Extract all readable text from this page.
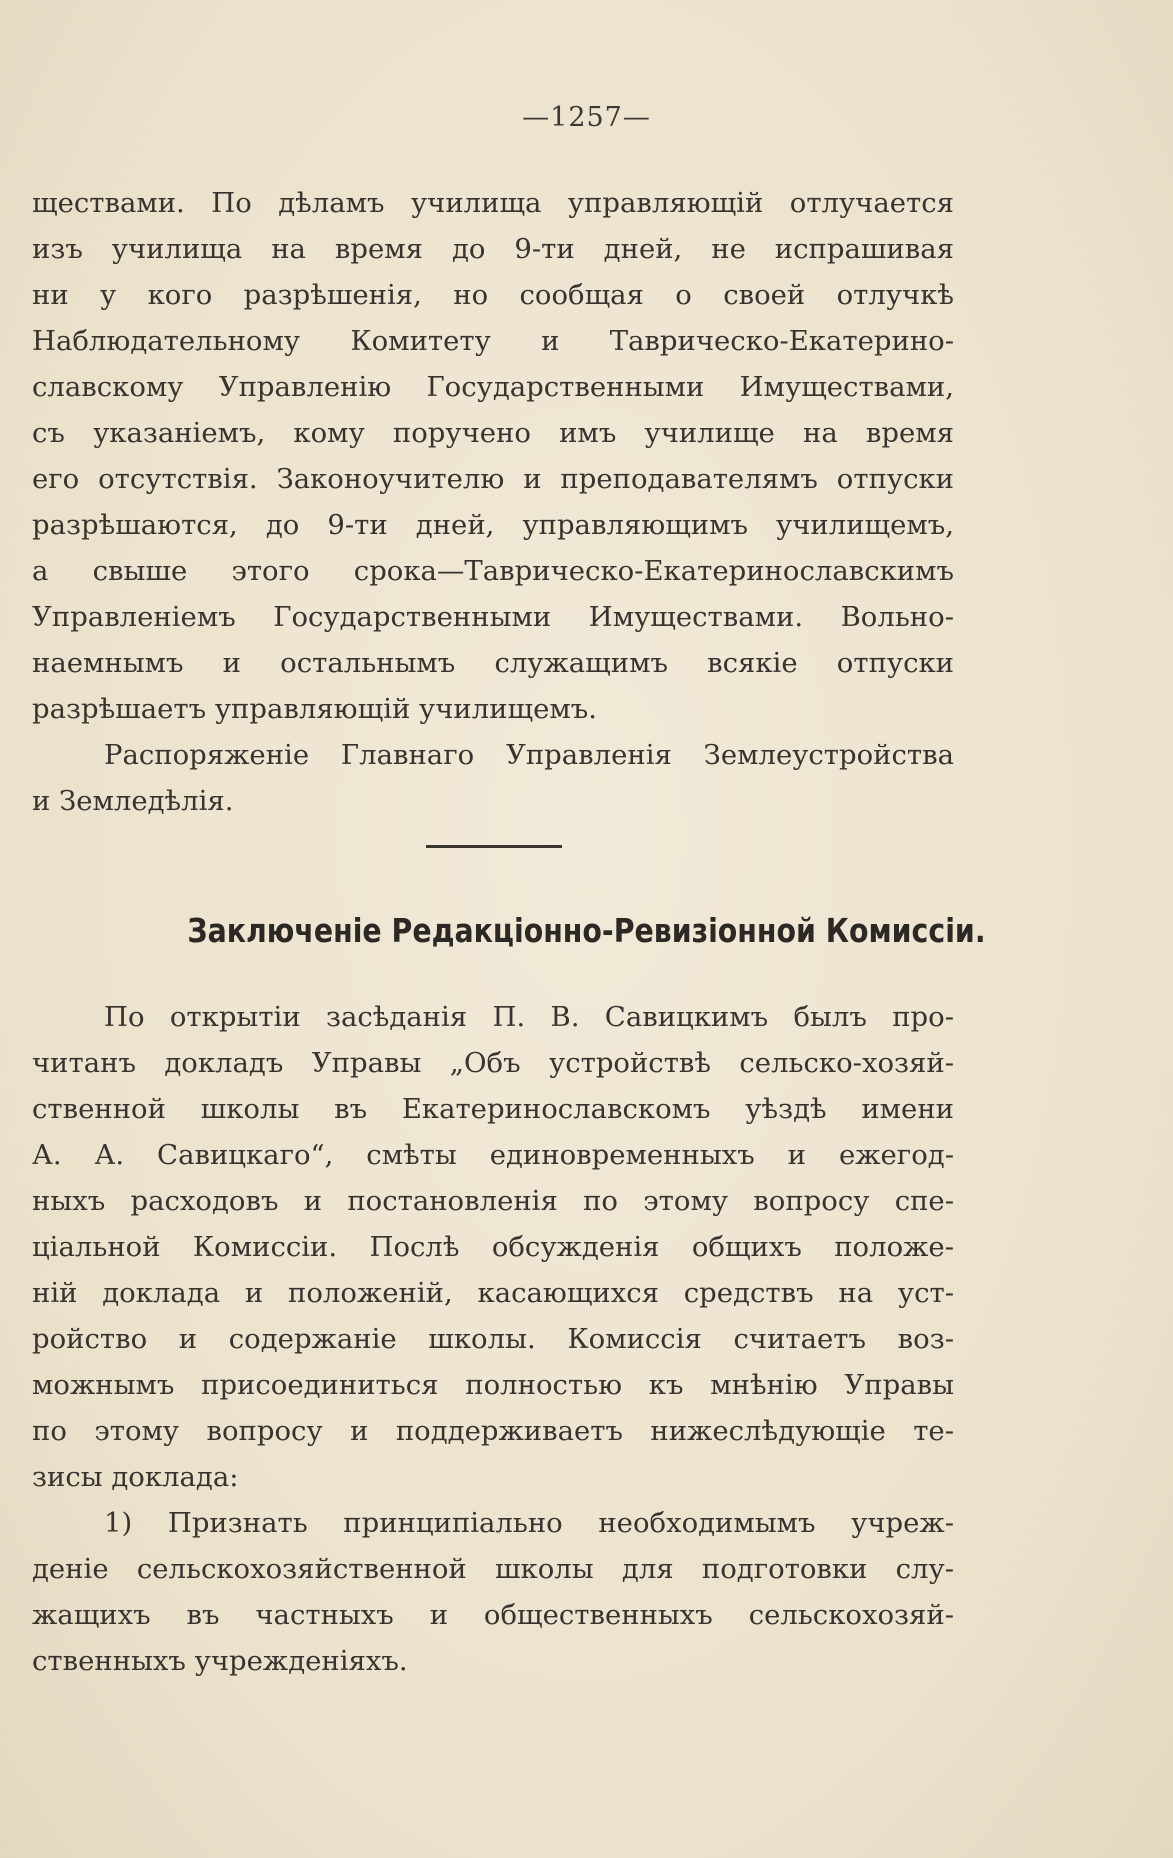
—1257—
ществами. По дѣламъ училища управляющій отлучается
изъ училища на время до 9-ти дней, не испрашивая
ни у кого разрѣшенія, но сообщая о своей отлучкѣ
Наблюдательному Комитету и Таврическо-Екатерино-
славскому Управленію Государственными Имуществами,
съ указаніемъ, кому поручено имъ училище на время
его отсутствія. Законоучителю и преподавателямъ отпуски
разрѣшаются, до 9-ти дней, управляющимъ училищемъ,
а свыше этого срока—Таврическо-Екатеринославскимъ
Управленіемъ Государственными Имуществами. Вольно-
наемнымъ и остальнымъ служащимъ всякіе отпуски
разрѣшаетъ управляющій училищемъ.
Распоряженіе Главнаго Управленія Землеустройства
и Земледѣлія.
Заключеніе Редакціонно-Ревизіонной Комиссіи.
По открытіи засѣданія П. В. Савицкимъ былъ про-
читанъ докладъ Управы „Объ устройствѣ сельско-хозяй-
ственной школы въ Екатеринославскомъ уѣздѣ имени
А. А. Савицкаго“, смѣты единовременныхъ и ежегод-
ныхъ расходовъ и постановленія по этому вопросу спе-
ціальной Комиссіи. Послѣ обсужденія общихъ положе-
ній доклада и положеній, касающихся средствъ на уст-
ройство и содержаніе школы. Комиссія считаетъ воз-
можнымъ присоединиться полностью къ мнѣнію Управы
по этому вопросу и поддерживаетъ нижеслѣдующіе те-
зисы доклада:
1) Признать принципіально необходимымъ учреж-
деніе сельскохозяйственной школы для подготовки слу-
жащихъ въ частныхъ и общественныхъ сельскохозяй-
ственныхъ учрежденіяхъ.
